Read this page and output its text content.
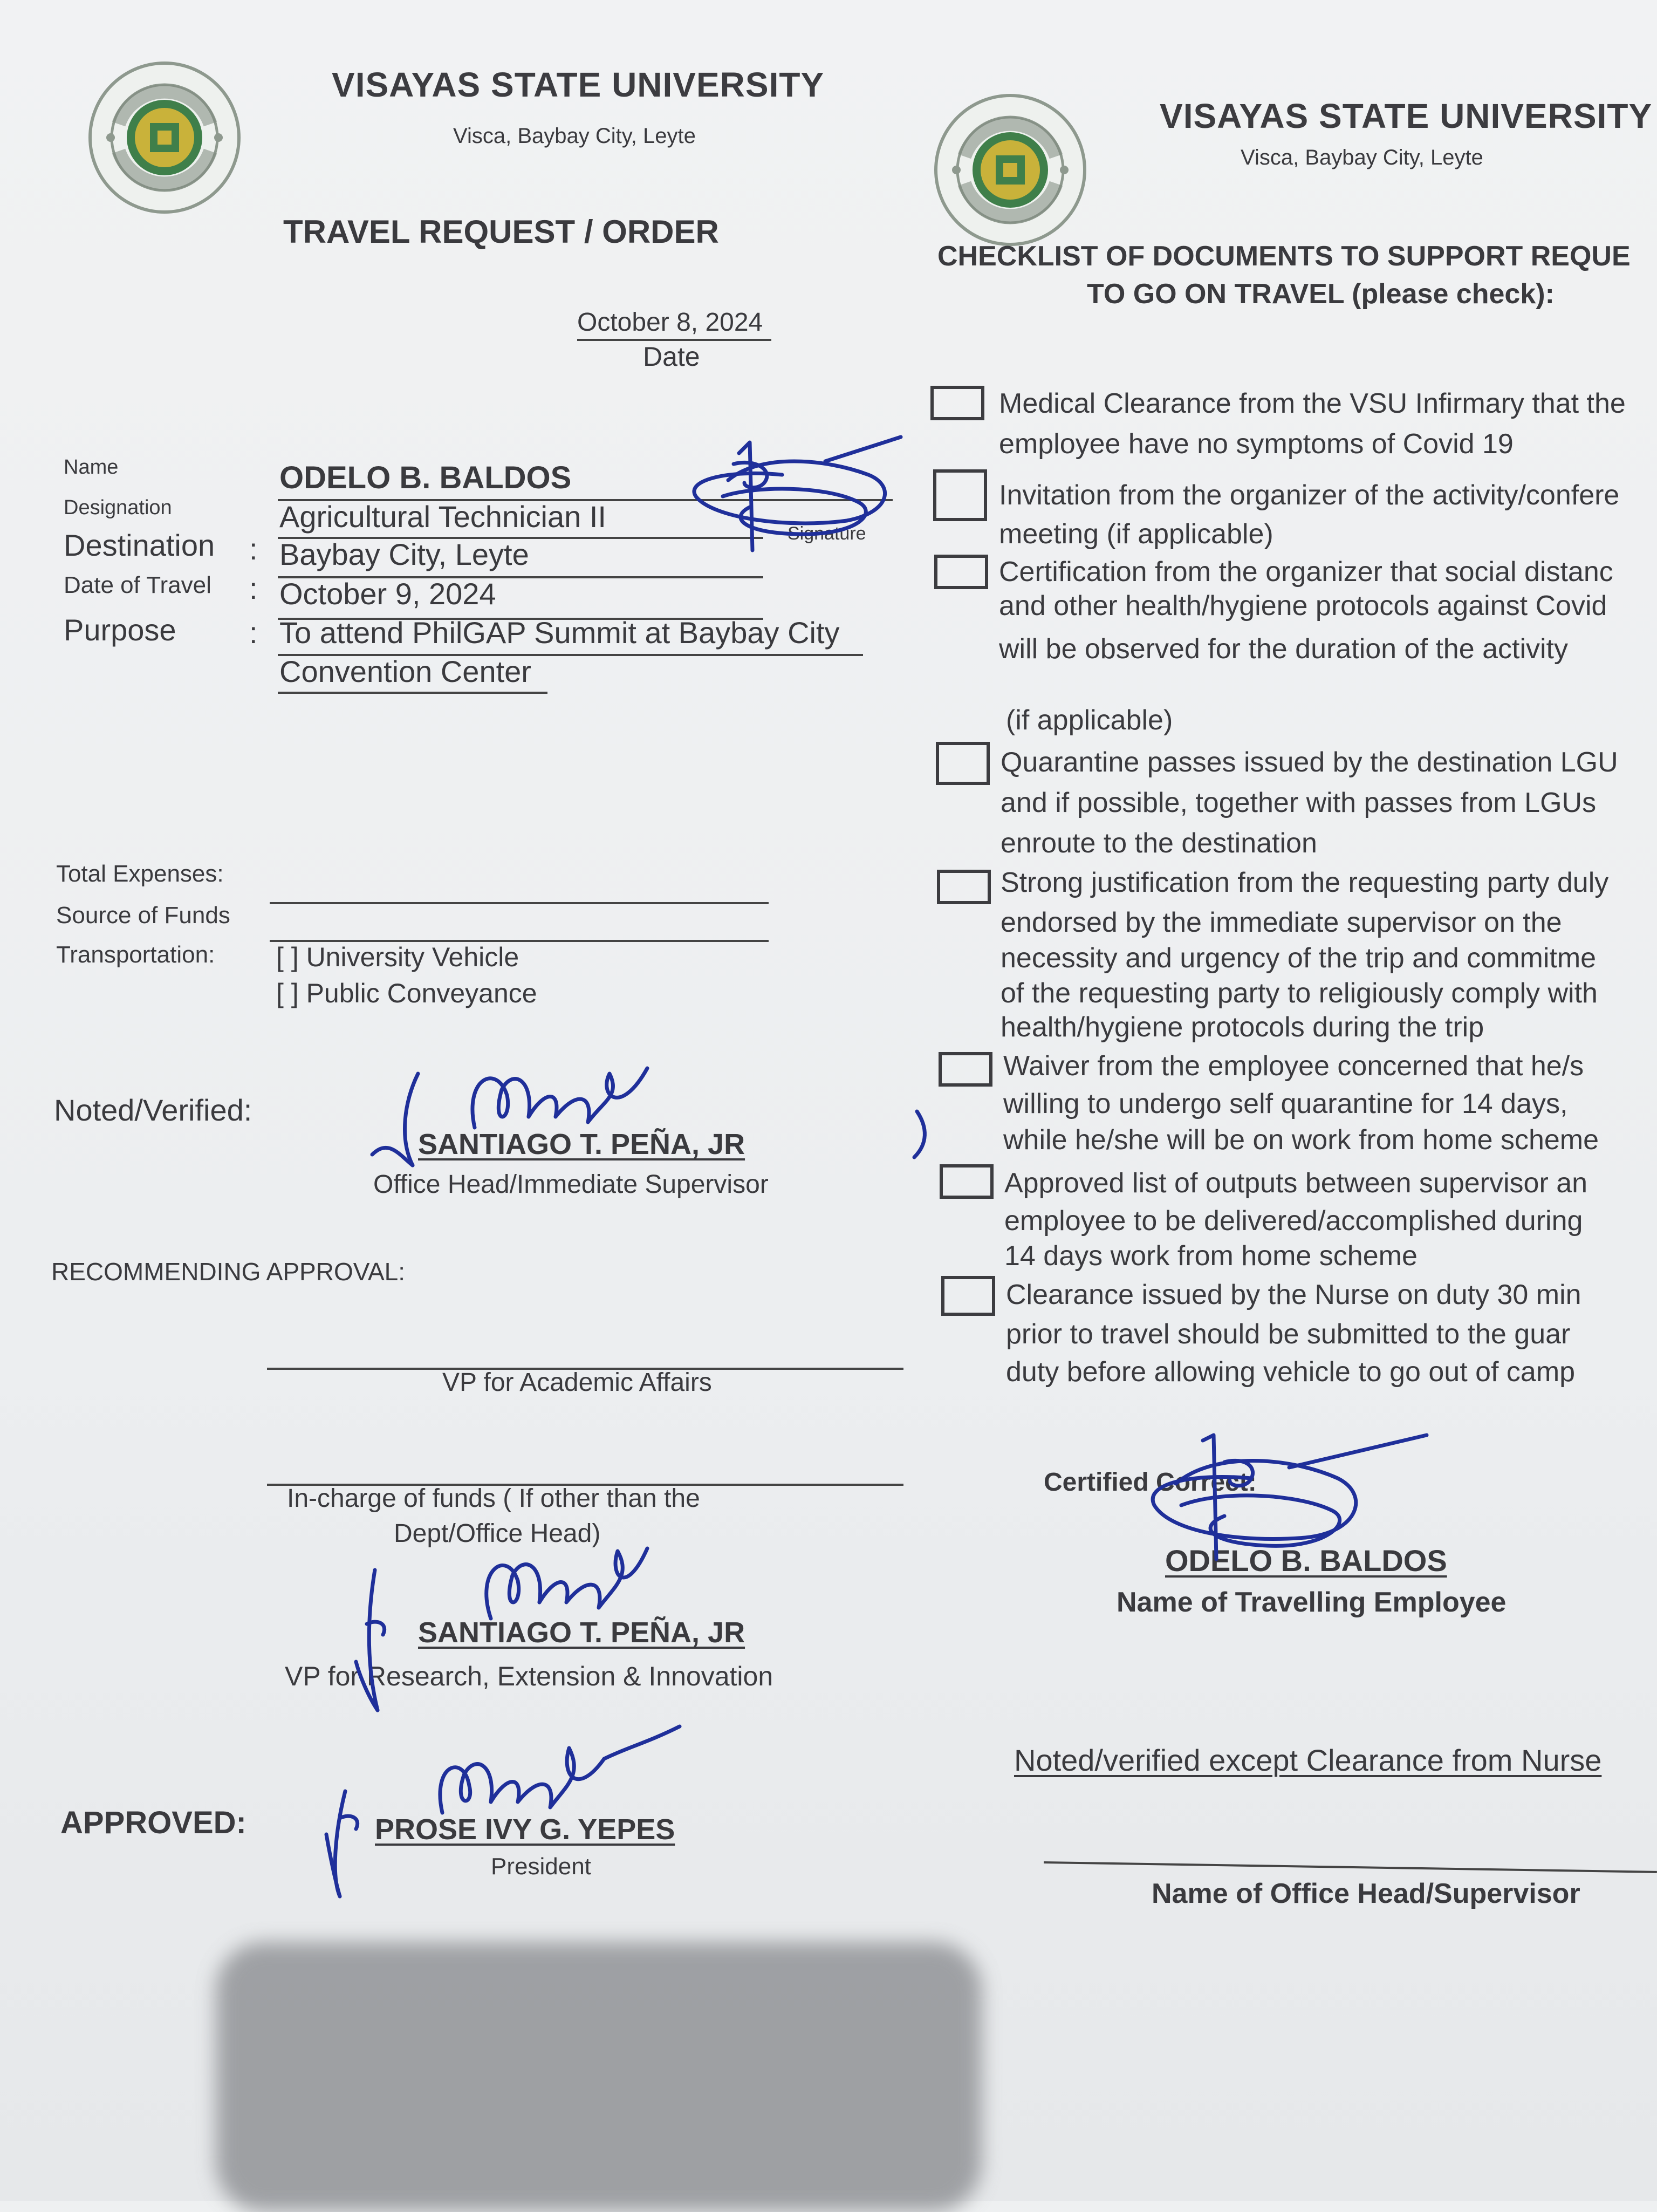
VISAYAS STATE UNIVERSITY
Visca, Baybay City, Leyte
TRAVEL REQUEST / ORDER
October 8, 2024
Date
Name	ODELO B. BALDOS
Signature
Designation	Agricultural Technician II
Destination : Baybay City, Leyte
Date of Travel : October 9, 2024
Purpose : To attend PhilGAP Summit at Baybay City
Convention Center
Total Expenses:
Source of Funds
Transportation: [ ] University Vehicle
[ ] Public Conveyance
Noted/Verified:
SANTIAGO T. PEÑA, JR
Office Head/Immediate Supervisor
RECOMMENDING APPROVAL:
VP for Academic Affairs
In-charge of funds ( If other than the
Dept/Office Head)
SANTIAGO T. PEÑA, JR
VP for Research, Extension & Innovation
APPROVED:	PROSE IVY G. YEPES
President
VISAYAS STATE UNIVERSITY
Visca, Baybay City, Leyte
CHECKLIST OF DOCUMENTS TO SUPPORT REQUE
TO GO ON TRAVEL (please check):
Medical Clearance from the VSU Infirmary that the
employee have no symptoms of Covid 19
Invitation from the organizer of the activity/confere
meeting (if applicable)
Certification from the organizer that social distanc
and other health/hygiene protocols against Covid
will be observed for the duration of the activity
(if applicable)
Quarantine passes issued by the destination LGU
and if possible, together with passes from LGUs
enroute to the destination
Strong justification from the requesting party duly
endorsed by the immediate supervisor on the
necessity and urgency of the trip and commitme
of the requesting party to religiously comply with
health/hygiene protocols during the trip
Waiver from the employee concerned that he/s
willing to undergo self quarantine for 14 days,
while he/she will be on work from home scheme
Approved list of outputs between supervisor an
employee to be delivered/accomplished during
14 days work from home scheme
Clearance issued by the Nurse on duty 30 min
prior to travel should be submitted to the guar
duty before allowing vehicle to go out of camp
Certified Correct:
ODELO B. BALDOS
Name of Travelling Employee
Noted/verified except Clearance from Nurse
Name of Office Head/Supervisor
